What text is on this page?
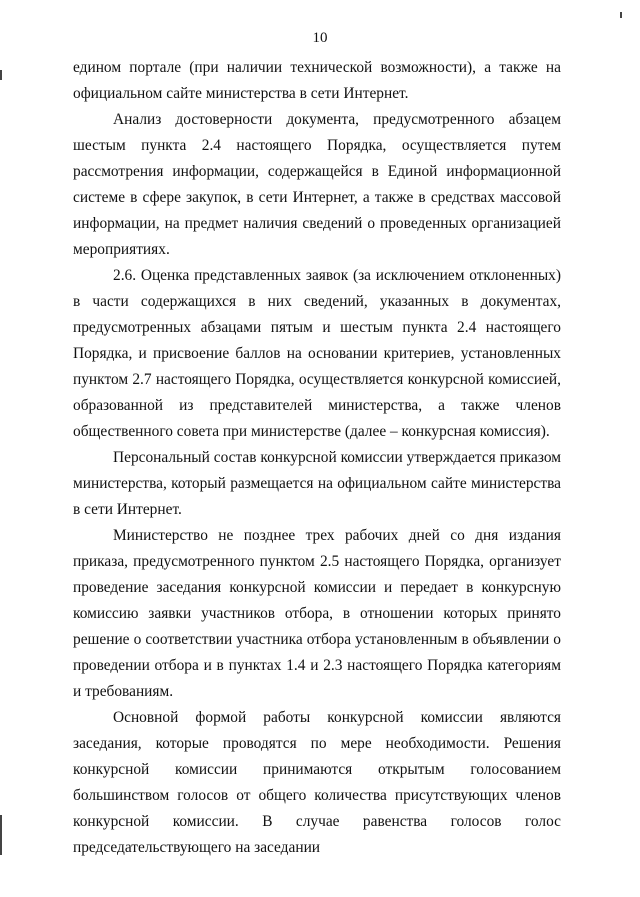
10

едином портале (при наличии технической возможности), а также на официальном сайте министерства в сети Интернет.

Анализ достоверности документа, предусмотренного абзацем шестым пункта 2.4 настоящего Порядка, осуществляется путем рассмотрения информации, содержащейся в Единой информационной системе в сфере закупок, в сети Интернет, а также в средствах массовой информации, на предмет наличия сведений о проведенных организацией мероприятиях.

2.6. Оценка представленных заявок (за исключением отклоненных) в части содержащихся в них сведений, указанных в документах, предусмотренных абзацами пятым и шестым пункта 2.4 настоящего Порядка, и присвоение баллов на основании критериев, установленных пунктом 2.7 настоящего Порядка, осуществляется конкурсной комиссией, образованной из представителей министерства, а также членов общественного совета при министерстве (далее – конкурсная комиссия).

Персональный состав конкурсной комиссии утверждается приказом министерства, который размещается на официальном сайте министерства в сети Интернет.

Министерство не позднее трех рабочих дней со дня издания приказа, предусмотренного пунктом 2.5 настоящего Порядка, организует проведение заседания конкурсной комиссии и передает в конкурсную комиссию заявки участников отбора, в отношении которых принято решение о соответствии участника отбора установленным в объявлении о проведении отбора и в пунктах 1.4 и 2.3 настоящего Порядка категориям и требованиям.

Основной формой работы конкурсной комиссии являются заседания, которые проводятся по мере необходимости. Решения конкурсной комиссии принимаются открытым голосованием большинством голосов от общего количества присутствующих членов конкурсной комиссии. В случае равенства голосов голос председательствующего на заседании
